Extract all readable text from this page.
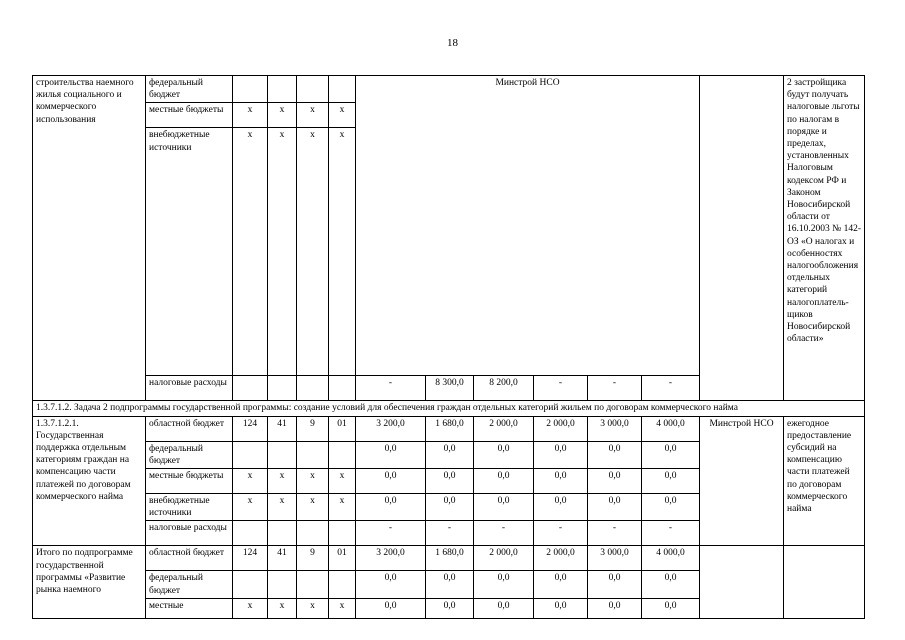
18
строительства наемного жилья социального и коммерческого использования	федеральный бюджет					Минстрой НСО							2 застройщика будут получать налоговые льготы по налогам в порядке и пределах, установленных Налоговым кодексом РФ и Законом Новосибирской области от 16.10.2003 № 142-ОЗ «О налогах и особенностях налогообложения отдельных категорий налогоплатель-щиков Новосибирской области»
	местные бюджеты	x	x	x	x								
	внебюджетные источники	x	x	x	x								
	налоговые расходы					-	8 300,0	8 200,0	-	-	-		
1.3.7.1.2. Задача 2 подпрограммы государственной программы: создание условий для обеспечения граждан отдельных категорий жильем по договорам коммерческого найма													
1.3.7.1.2.1. Государственная поддержка отдельным категориям граждан на компенсацию части платежей по договорам коммерческого найма	областной бюджет	124	41	9	01	3 200,0	1 680,0	2 000,0	2 000,0	3 000,0	4 000,0	Минстрой НСО	ежегодное предоставление субсидий на компенсацию части платежей по договорам коммерческого найма
	федеральный бюджет					0,0	0,0	0,0	0,0	0,0	0,0		
	местные бюджеты	x	x	x	x	0,0	0,0	0,0	0,0	0,0	0,0		
	внебюджетные источники	x	x	x	x	0,0	0,0	0,0	0,0	0,0	0,0		
	налоговые расходы					-	-	-	-	-	-		
Итого по подпрограмме государственной программы «Развитие рынка наемного	областной бюджет	124	41	9	01	3 200,0	1 680,0	2 000,0	2 000,0	3 000,0	4 000,0		
	федеральный бюджет					0,0	0,0	0,0	0,0	0,0	0,0		
	местные	x	x	x	x	0,0	0,0	0,0	0,0	0,0	0,0		
